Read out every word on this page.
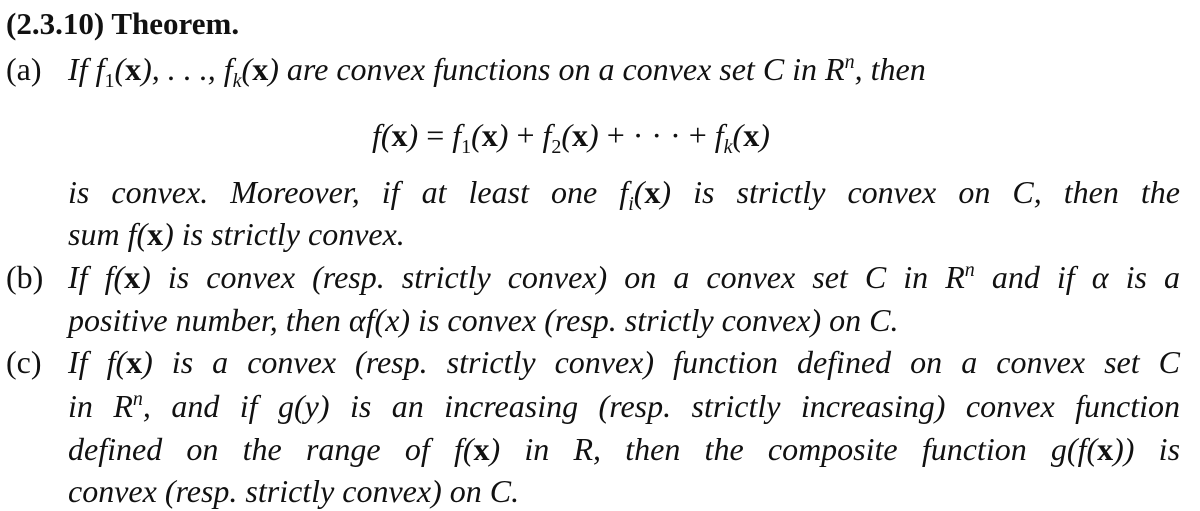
(2.3.10) Theorem.
(a) If $f_1(x)$, . . ., $f_k(x)$ are convex functions on a convex set C in $R^n$, then
$f(x) = f_1(x) + f_2(x)$ + · · · + $f_k(x)$
is convex. Moreover, if at least one $f_i(x)$ is strictly convex on C, then the
sum f(x) is strictly convex.
(b) If f(x) is convex (resp. strictly convex) on a convex set C in $R^n$ and if α is a
positive number, then αf(x) is convex (resp. strictly convex) on C.
(c) If f(x) is a convex (resp. strictly convex) function defined on a convex set C
in $R^n$, and if g(y) is an increasing (resp. strictly increasing) convex function
defined on the range of f(x) in R, then the composite function g(f(x)) is
convex (resp. strictly convex) on C.
